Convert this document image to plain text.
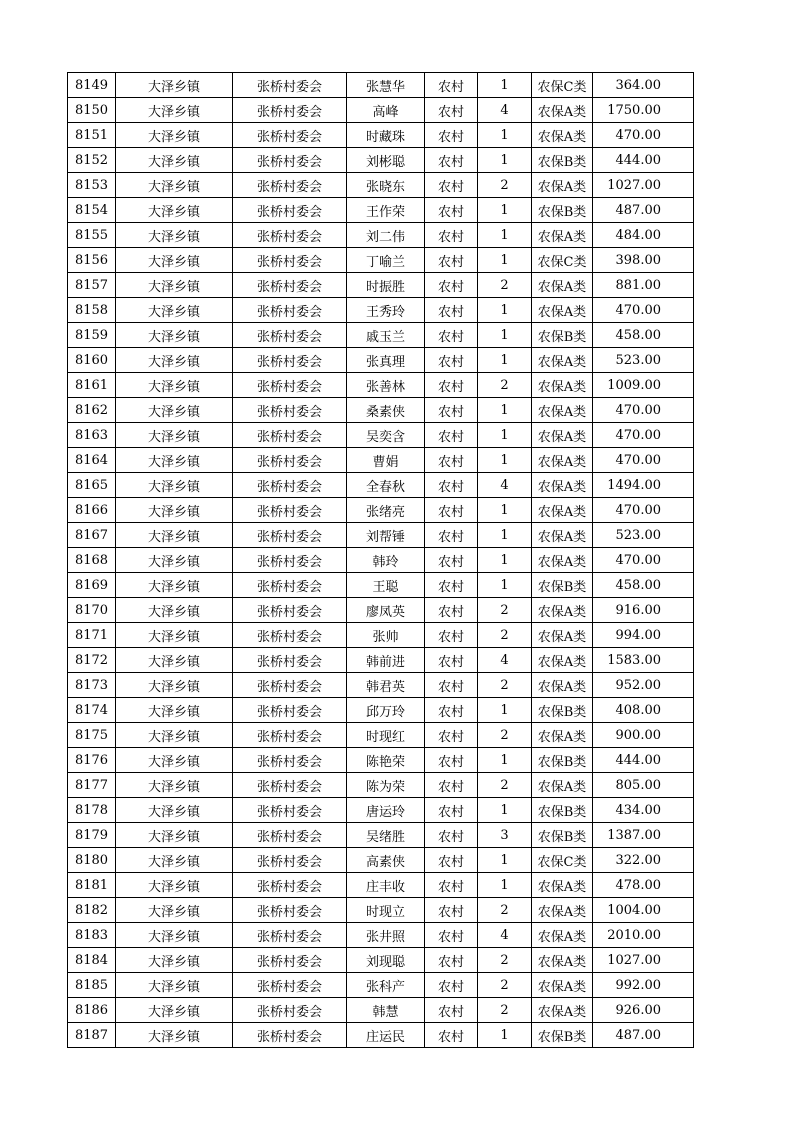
8149	大泽乡镇	张桥村委会	张慧华	农村	1	农保C类	364.00
8150	大泽乡镇	张桥村委会	高峰	农村	4	农保A类	1750.00
8151	大泽乡镇	张桥村委会	时藏珠	农村	1	农保A类	470.00
8152	大泽乡镇	张桥村委会	刘彬聪	农村	1	农保B类	444.00
8153	大泽乡镇	张桥村委会	张晓东	农村	2	农保A类	1027.00
8154	大泽乡镇	张桥村委会	王作荣	农村	1	农保B类	487.00
8155	大泽乡镇	张桥村委会	刘二伟	农村	1	农保A类	484.00
8156	大泽乡镇	张桥村委会	丁喻兰	农村	1	农保C类	398.00
8157	大泽乡镇	张桥村委会	时振胜	农村	2	农保A类	881.00
8158	大泽乡镇	张桥村委会	王秀玲	农村	1	农保A类	470.00
8159	大泽乡镇	张桥村委会	戚玉兰	农村	1	农保B类	458.00
8160	大泽乡镇	张桥村委会	张真理	农村	1	农保A类	523.00
8161	大泽乡镇	张桥村委会	张善林	农村	2	农保A类	1009.00
8162	大泽乡镇	张桥村委会	桑素侠	农村	1	农保A类	470.00
8163	大泽乡镇	张桥村委会	吴奕含	农村	1	农保A类	470.00
8164	大泽乡镇	张桥村委会	曹娟	农村	1	农保A类	470.00
8165	大泽乡镇	张桥村委会	全春秋	农村	4	农保A类	1494.00
8166	大泽乡镇	张桥村委会	张绪亮	农村	1	农保A类	470.00
8167	大泽乡镇	张桥村委会	刘帮锤	农村	1	农保A类	523.00
8168	大泽乡镇	张桥村委会	韩玲	农村	1	农保A类	470.00
8169	大泽乡镇	张桥村委会	王聪	农村	1	农保B类	458.00
8170	大泽乡镇	张桥村委会	廖凤英	农村	2	农保A类	916.00
8171	大泽乡镇	张桥村委会	张帅	农村	2	农保A类	994.00
8172	大泽乡镇	张桥村委会	韩前进	农村	4	农保A类	1583.00
8173	大泽乡镇	张桥村委会	韩君英	农村	2	农保A类	952.00
8174	大泽乡镇	张桥村委会	邱万玲	农村	1	农保B类	408.00
8175	大泽乡镇	张桥村委会	时现红	农村	2	农保A类	900.00
8176	大泽乡镇	张桥村委会	陈艳荣	农村	1	农保B类	444.00
8177	大泽乡镇	张桥村委会	陈为荣	农村	2	农保A类	805.00
8178	大泽乡镇	张桥村委会	唐运玲	农村	1	农保B类	434.00
8179	大泽乡镇	张桥村委会	吴绪胜	农村	3	农保B类	1387.00
8180	大泽乡镇	张桥村委会	高素侠	农村	1	农保C类	322.00
8181	大泽乡镇	张桥村委会	庄丰收	农村	1	农保A类	478.00
8182	大泽乡镇	张桥村委会	时现立	农村	2	农保A类	1004.00
8183	大泽乡镇	张桥村委会	张井照	农村	4	农保A类	2010.00
8184	大泽乡镇	张桥村委会	刘现聪	农村	2	农保A类	1027.00
8185	大泽乡镇	张桥村委会	张科产	农村	2	农保A类	992.00
8186	大泽乡镇	张桥村委会	韩慧	农村	2	农保A类	926.00
8187	大泽乡镇	张桥村委会	庄运民	农村	1	农保B类	487.00
